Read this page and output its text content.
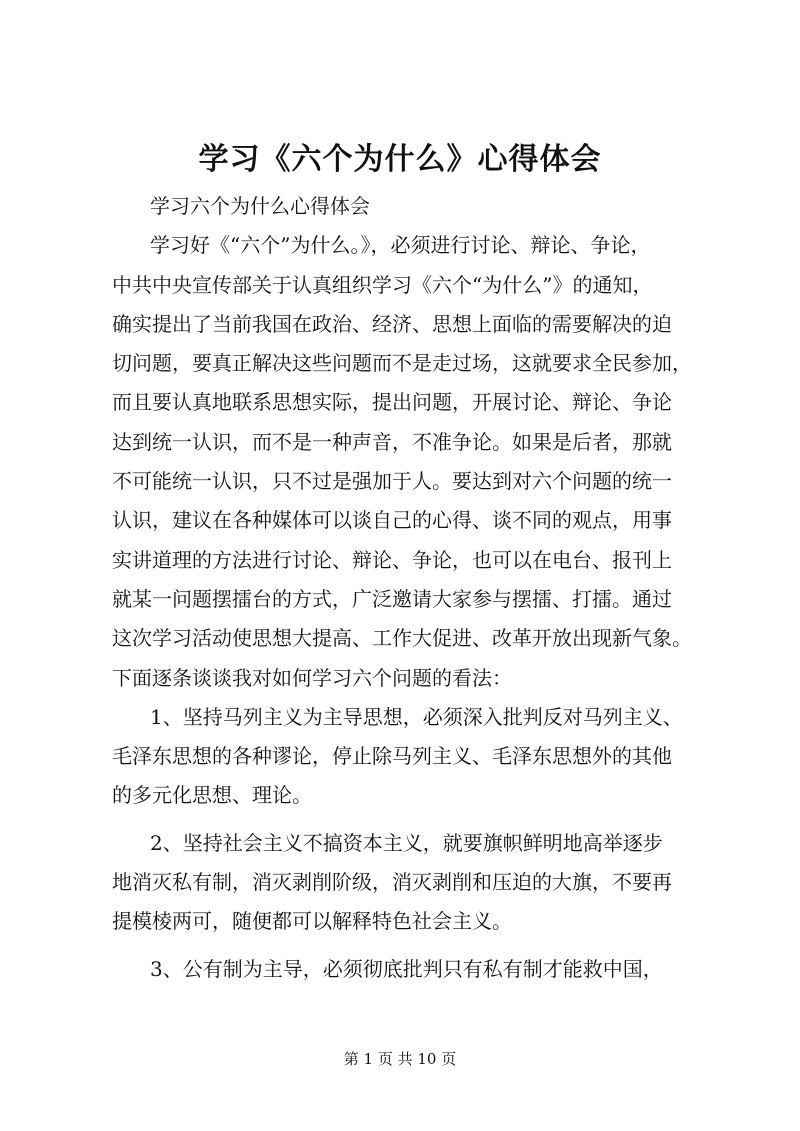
学习《六个为什么》心得体会
学习六个为什么心得体会
学习好《“六个”为什么。》，必须进行讨论、辩论、争论，
中共中央宣传部关于认真组织学习《六个“为什么”》的通知，
确实提出了当前我国在政治、经济、思想上面临的需要解决的迫
切问题，要真正解决这些问题而不是走过场，这就要求全民参加，
而且要认真地联系思想实际，提出问题，开展讨论、辩论、争论
达到统一认识，而不是一种声音，不准争论。如果是后者，那就
不可能统一认识，只不过是强加于人。要达到对六个问题的统一
认识，建议在各种媒体可以谈自己的心得、谈不同的观点，用事
实讲道理的方法进行讨论、辩论、争论，也可以在电台、报刊上
就某一问题摆擂台的方式，广泛邀请大家参与摆擂、打擂。通过
这次学习活动使思想大提高、工作大促进、改革开放出现新气象。
下面逐条谈谈我对如何学习六个问题的看法：
1、坚持马列主义为主导思想，必须深入批判反对马列主义、
毛泽东思想的各种谬论，停止除马列主义、毛泽东思想外的其他
的多元化思想、理论。
2、坚持社会主义不搞资本主义，就要旗帜鲜明地高举逐步
地消灭私有制，消灭剥削阶级，消灭剥削和压迫的大旗，不要再
提模棱两可，随便都可以解释特色社会主义。
3、公有制为主导，必须彻底批判只有私有制才能救中国，
第 1 页 共 10 页
